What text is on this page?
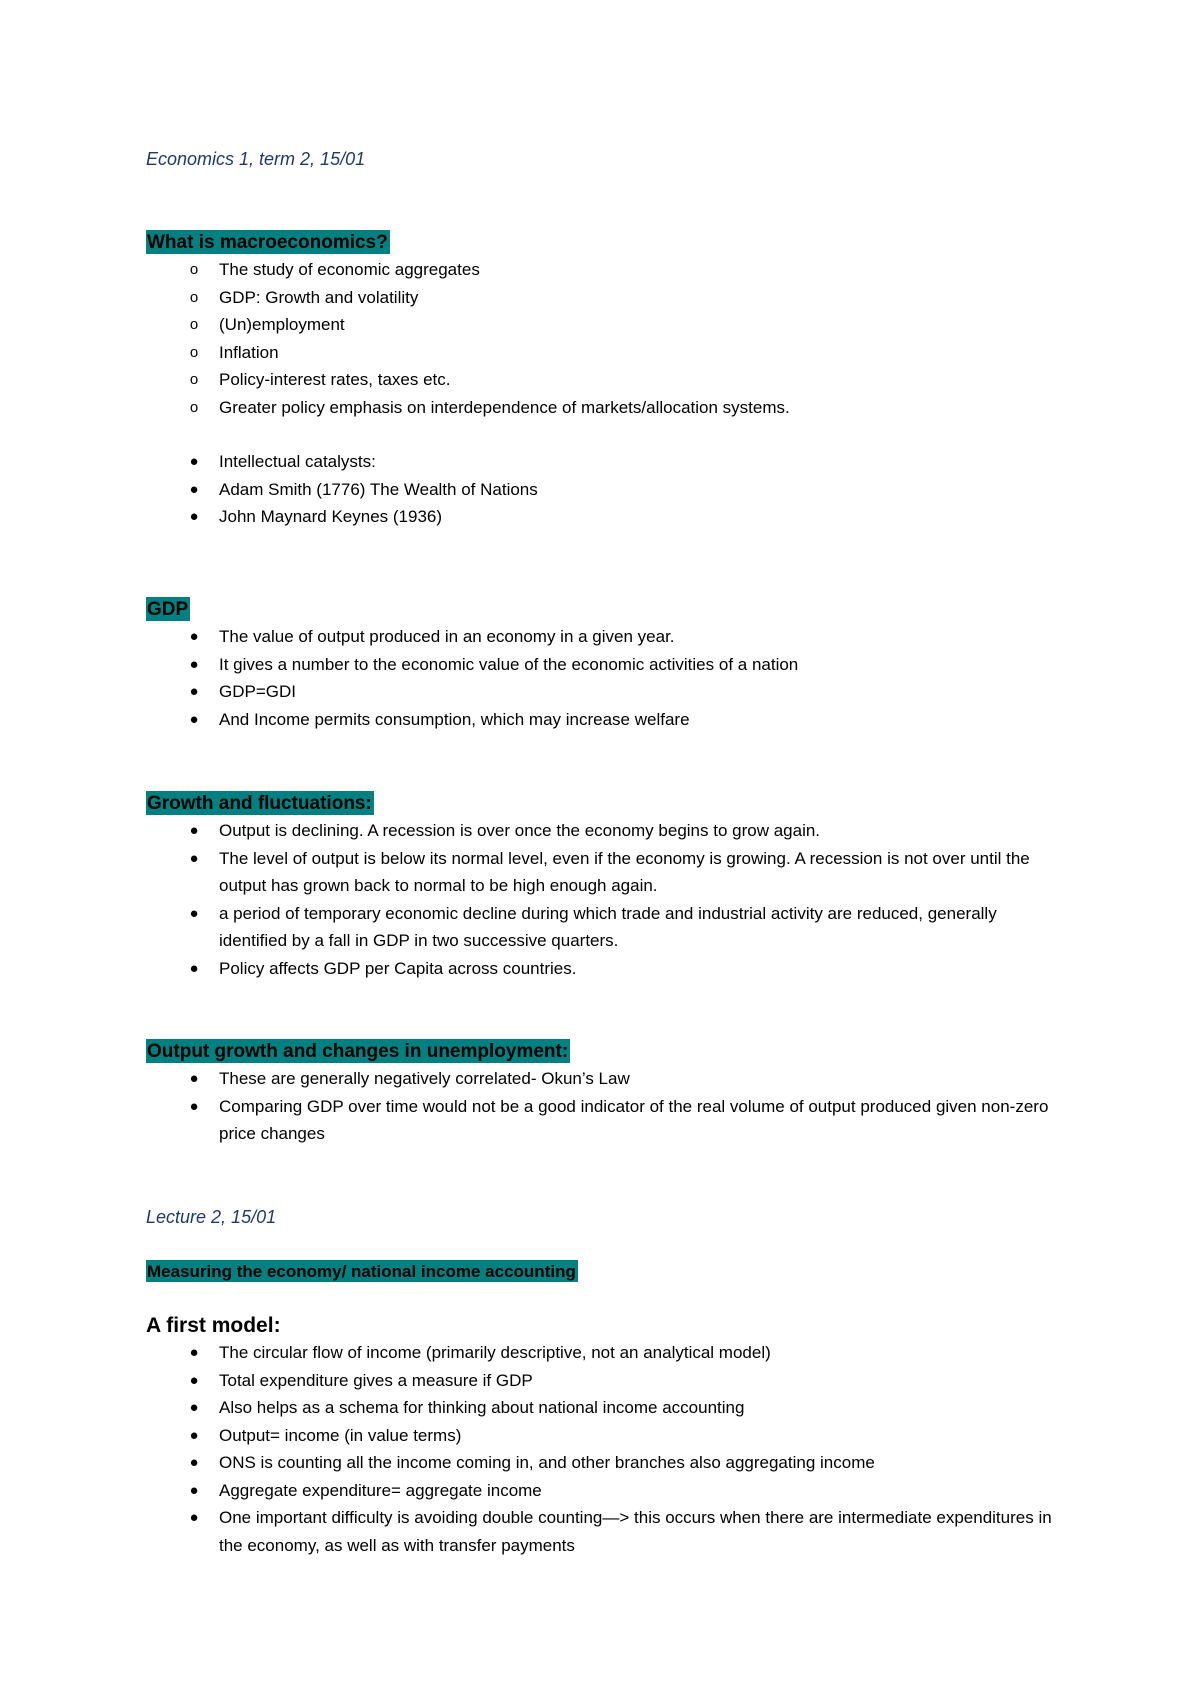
Economics 1, term 2, 15/01
What is macroeconomics?
o	The study of economic aggregates
o	GDP: Growth and volatility
o	(Un)employment
o	Inflation
o	Policy-interest rates, taxes etc.
o	Greater policy emphasis on interdependence of markets/allocation systems.
●	Intellectual catalysts:
●	Adam Smith (1776) The Wealth of Nations
●	John Maynard Keynes (1936)
GDP
●	The value of output produced in an economy in a given year.
●	It gives a number to the economic value of the economic activities of a nation
●	GDP=GDI
●	And Income permits consumption, which may increase welfare
Growth and fluctuations:
●	Output is declining. A recession is over once the economy begins to grow again.
●	The level of output is below its normal level, even if the economy is growing. A recession is not over until the output has grown back to normal to be high enough again.
●	a period of temporary economic decline during which trade and industrial activity are reduced, generally identified by a fall in GDP in two successive quarters.
●	Policy affects GDP per Capita across countries.
Output growth and changes in unemployment:
●	These are generally negatively correlated- Okun’s Law
●	Comparing GDP over time would not be a good indicator of the real volume of output produced given non-zero price changes
Lecture 2, 15/01
Measuring the economy/ national income accounting
A first model:
●	The circular flow of income (primarily descriptive, not an analytical model)
●	Total expenditure gives a measure if GDP
●	Also helps as a schema for thinking about national income accounting
●	Output= income (in value terms)
●	ONS is counting all the income coming in, and other branches also aggregating income
●	Aggregate expenditure= aggregate income
●	One important difficulty is avoiding double counting—> this occurs when there are intermediate expenditures in the economy, as well as with transfer payments
